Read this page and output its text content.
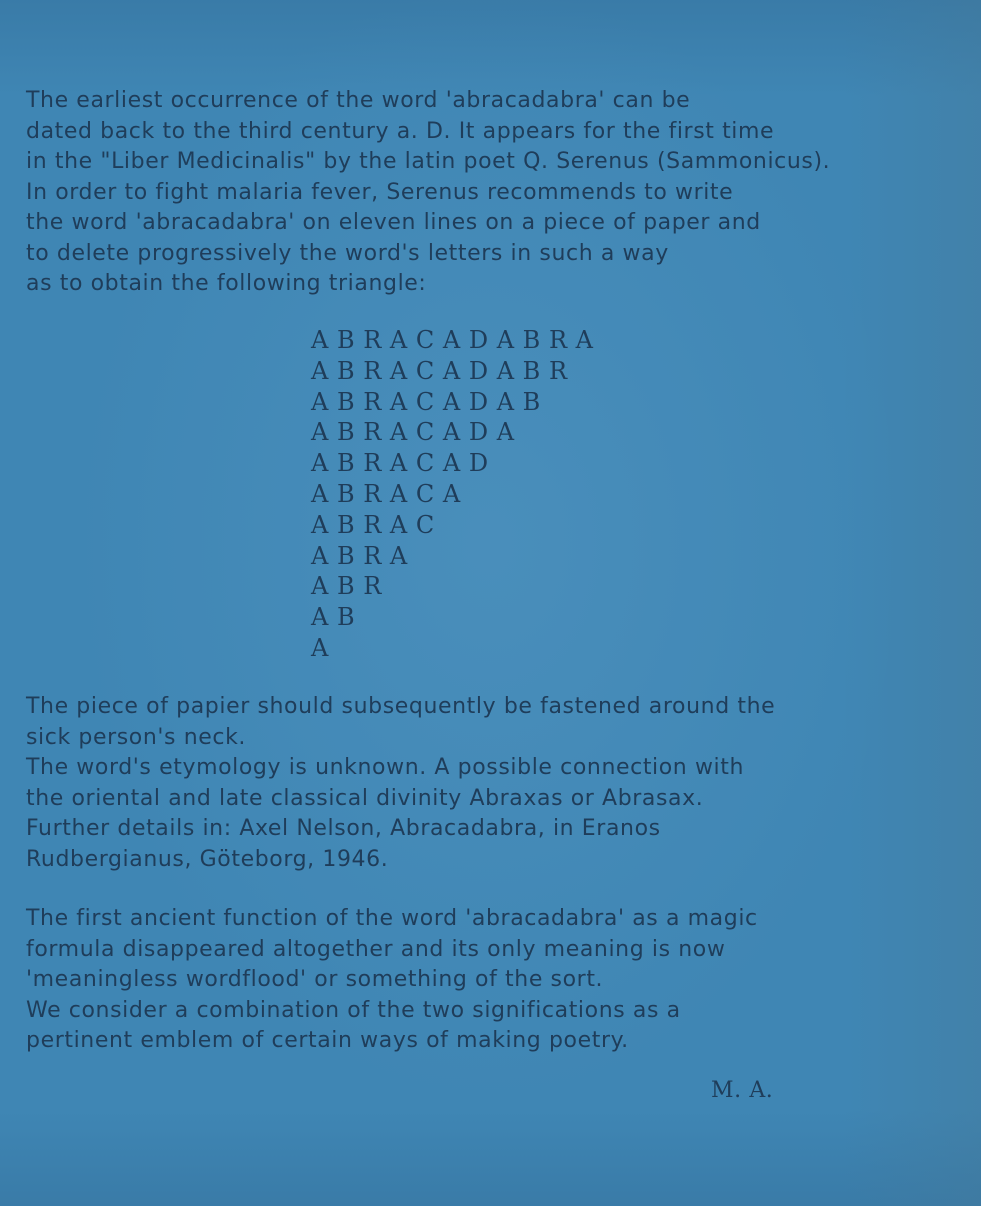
The earliest occurrence of the word 'abracadabra' can be
dated back to the third century a. D. It appears for the first time
in the "Liber Medicinalis" by the latin poet Q. Serenus (Sammonicus).
In order to fight malaria fever, Serenus recommends to write
the word 'abracadabra' on eleven lines on a piece of paper and
to delete progressively the word's letters in such a way
as to obtain the following triangle:

A B R A C A D A B R A
A B R A C A D A B R
A B R A C A D A B
A B R A C A D A
A B R A C A D
A B R A C A
A B R A C
A B R A
A B R
A B
A

The piece of papier should subsequently be fastened around the
sick person's neck.
The word's etymology is unknown. A possible connection with
the oriental and late classical divinity Abraxas or Abrasax.
Further details in: Axel Nelson, Abracadabra, in Eranos
Rudbergianus, Göteborg, 1946.

The first ancient function of the word 'abracadabra' as a magic
formula disappeared altogether and its only meaning is now
'meaningless wordflood' or something of the sort.
We consider a combination of the two significations as a
pertinent emblem of certain ways of making poetry.

M. A.
